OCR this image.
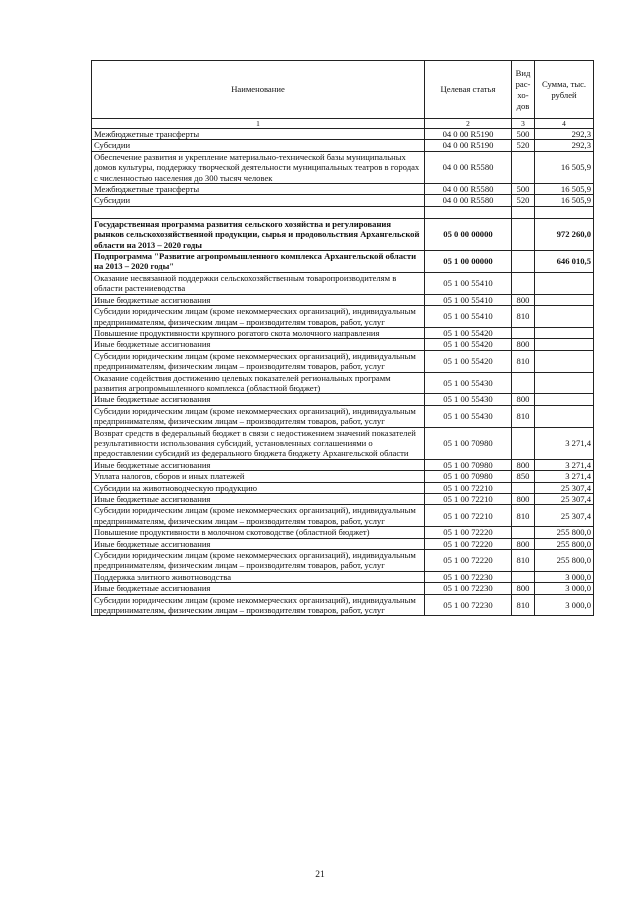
Наименование	Целевая статья	Вид рас-хо-дов	Сумма, тыс. рублей
1	2	3	4
Межбюджетные трансферты	04 0 00 R5190	500	292,3
Субсидии	04 0 00 R5190	520	292,3
Обеспечение развития и укрепление материально-технической базы муниципальных домов культуры, поддержку творческой деятельности муниципальных театров в городах с численностью населения до 300 тысяч человек	04 0 00 R5580		16 505,9
Межбюджетные трансферты	04 0 00 R5580	500	16 505,9
Субсидии	04 0 00 R5580	520	16 505,9

Государственная программа развития сельского хозяйства и регулирования рынков сельскохозяйственной продукции, сырья и продовольствия Архангельской области на 2013 – 2020 годы	05 0 00 00000		972 260,0
Подпрограмма "Развитие агропромышленного комплекса Архангельской области на 2013 – 2020 годы"	05 1 00 00000		646 010,5
Оказание несвязанной поддержки сельскохозяйственным товаропроизводителям в области растениеводства	05 1 00 55410		
Иные бюджетные ассигнования	05 1 00 55410	800	
Субсидии юридическим лицам (кроме некоммерческих организаций), индивидуальным предпринимателям, физическим лицам – производителям товаров, работ, услуг	05 1 00 55410	810	
Повышение продуктивности крупного рогатого скота молочного направления	05 1 00 55420		
Иные бюджетные ассигнования	05 1 00 55420	800	
Субсидии юридическим лицам (кроме некоммерческих организаций), индивидуальным предпринимателям, физическим лицам – производителям товаров, работ, услуг	05 1 00 55420	810	
Оказание содействия достижению целевых показателей региональных программ развития агропромышленного комплекса (областной бюджет)	05 1 00 55430		
Иные бюджетные ассигнования	05 1 00 55430	800	
Субсидии юридическим лицам (кроме некоммерческих организаций), индивидуальным предпринимателям, физическим лицам – производителям товаров, работ, услуг	05 1 00 55430	810	
Возврат средств в федеральный бюджет в связи с недостижением значений показателей результативности использования субсидий, установленных соглашениями о предоставлении субсидий из федерального бюджета бюджету Архангельской области	05 1 00 70980		3 271,4
Иные бюджетные ассигнования	05 1 00 70980	800	3 271,4
Уплата налогов, сборов и иных платежей	05 1 00 70980	850	3 271,4
Субсидии на животноводческую продукцию	05 1 00 72210		25 307,4
Иные бюджетные ассигнования	05 1 00 72210	800	25 307,4
Субсидии юридическим лицам (кроме некоммерческих организаций), индивидуальным предпринимателям, физическим лицам – производителям товаров, работ, услуг	05 1 00 72210	810	25 307,4
Повышение продуктивности в молочном скотоводстве (областной бюджет)	05 1 00 72220		255 800,0
Иные бюджетные ассигнования	05 1 00 72220	800	255 800,0
Субсидии юридическим лицам (кроме некоммерческих организаций), индивидуальным предпринимателям, физическим лицам – производителям товаров, работ, услуг	05 1 00 72220	810	255 800,0
Поддержка элитного животноводства	05 1 00 72230		3 000,0
Иные бюджетные ассигнования	05 1 00 72230	800	3 000,0
Субсидии юридическим лицам (кроме некоммерческих организаций), индивидуальным предпринимателям, физическим лицам – производителям товаров, работ, услуг	05 1 00 72230	810	3 000,0
21
